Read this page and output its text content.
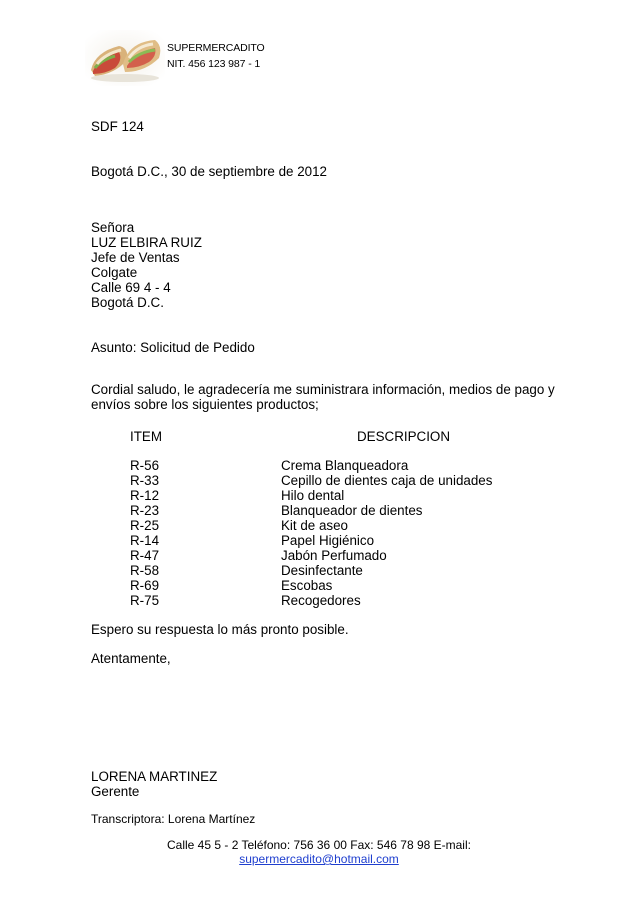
SUPERMERCADITO
NIT. 456 123 987 - 1
SDF 124
Bogotá D.C., 30 de septiembre de 2012
Señora
LUZ ELBIRA RUIZ
Jefe de Ventas
Colgate
Calle 69 4 - 4
Bogotá D.C.
Asunto: Solicitud de Pedido
Cordial saludo, le agradecería me suministrara información, medios de pago y
envíos sobre los siguientes productos;
ITEM	DESCRIPCION
R-56
R-33
R-12
R-23
R-25
R-14
R-47
R-58
R-69
R-75
Crema Blanqueadora
Cepillo de dientes caja de unidades
Hilo dental
Blanqueador de dientes
Kit de aseo
Papel Higiénico
Jabón Perfumado
Desinfectante
Escobas
Recogedores
Espero su respuesta lo más pronto posible.
Atentamente,
LORENA MARTINEZ
Gerente
Transcriptora: Lorena Martínez
Calle 45 5 - 2 Teléfono: 756 36 00 Fax: 546 78 98 E-mail:
supermercadito@hotmail.com
